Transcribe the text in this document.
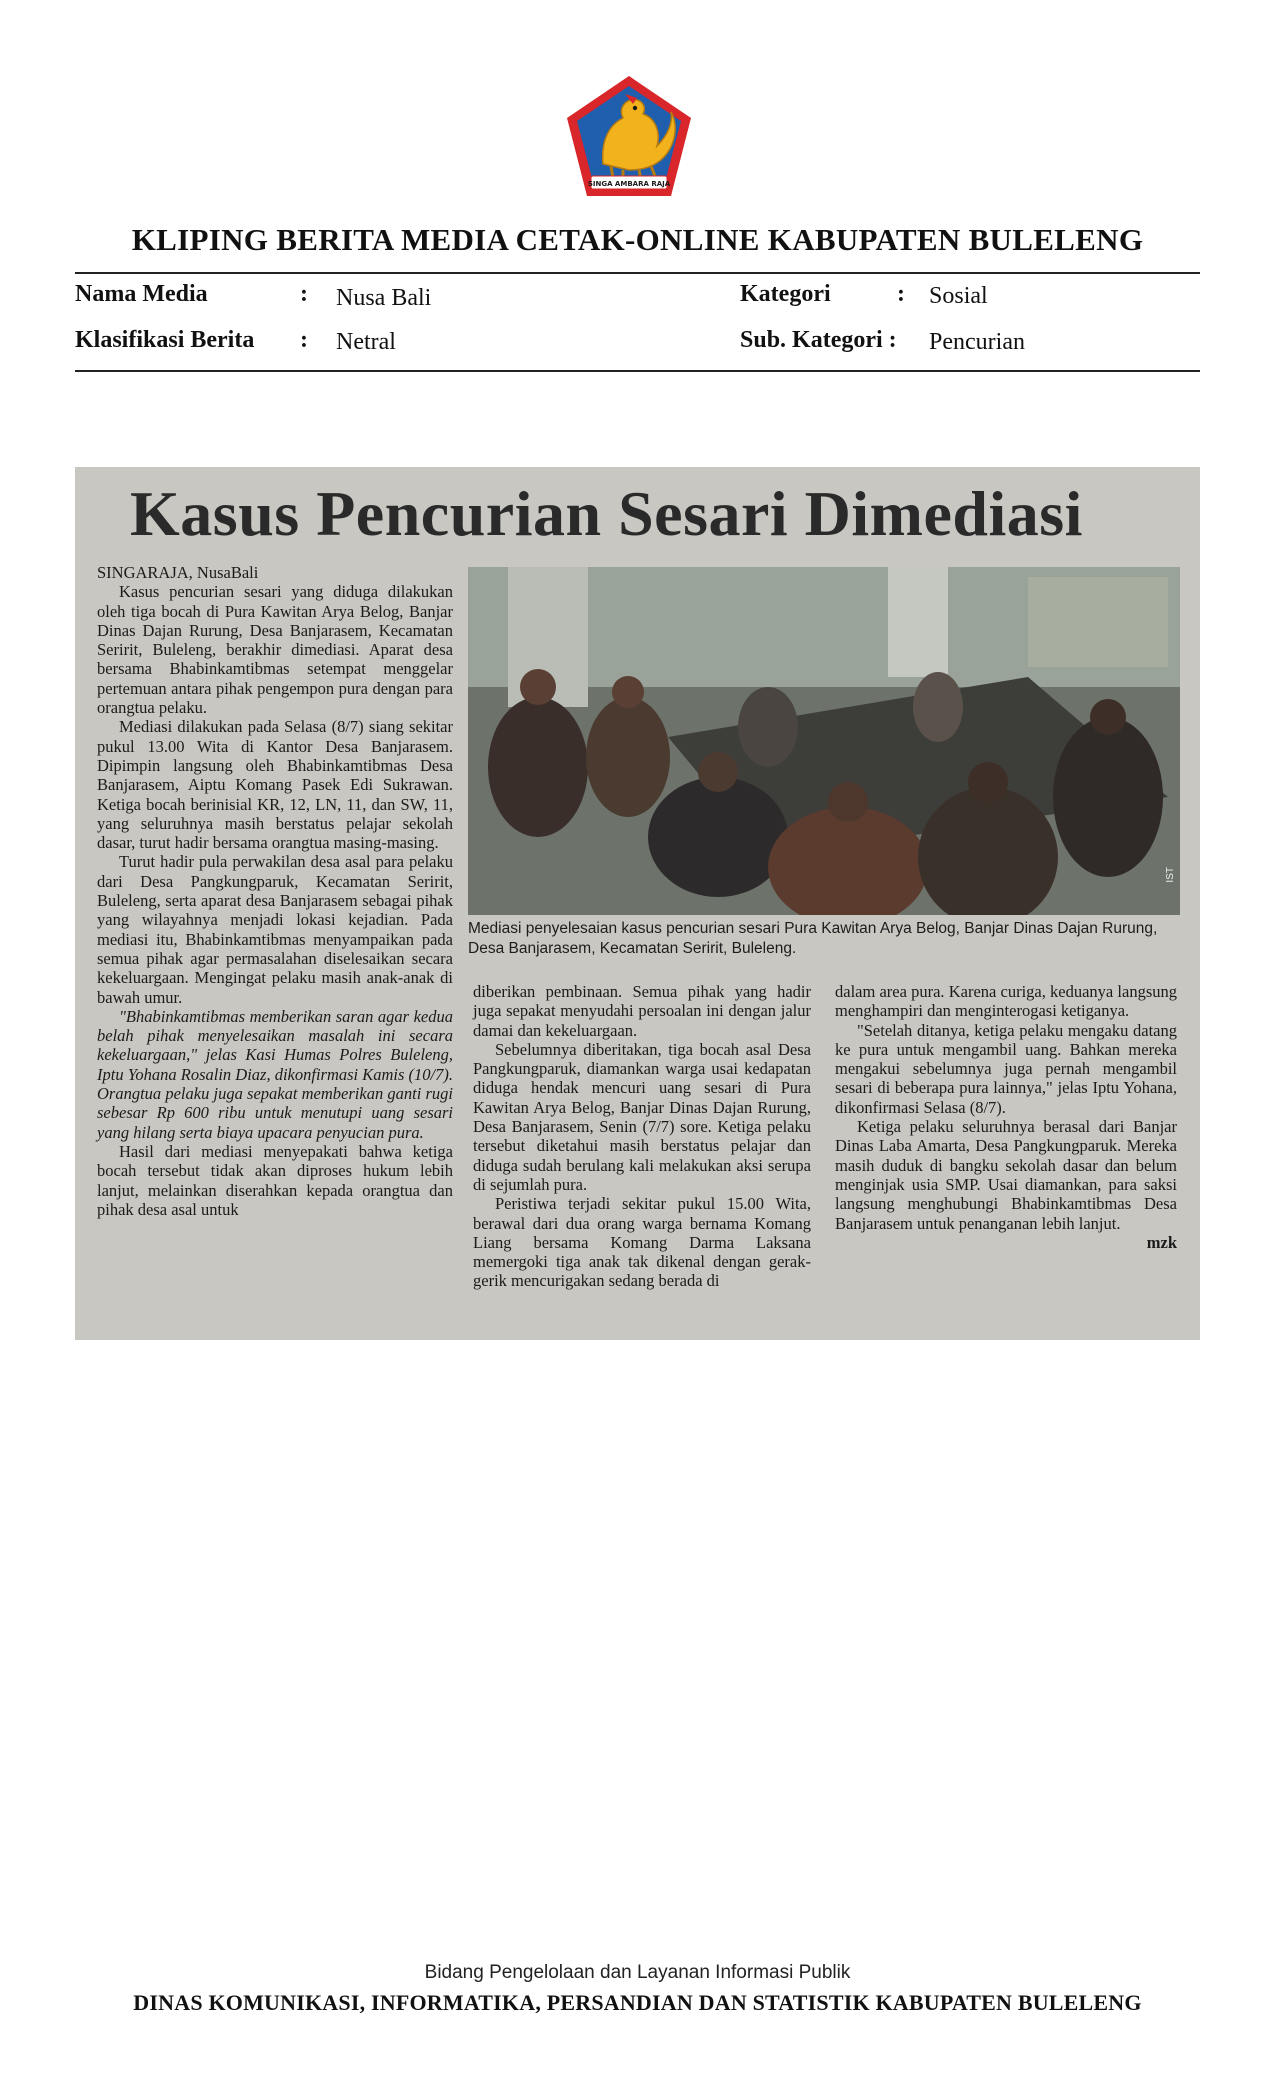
SINGA AMBARA RAJA
KLIPING BERITA MEDIA CETAK-ONLINE KABUPATEN BULELENG
Nama Media	: Nusa Bali	Kategori	: Sosial
Klasifikasi Berita : Netral	Sub. Kategori : Pencurian
Kasus Pencurian Sesari Dimediasi

SINGARAJA, NusaBali

Kasus pencurian sesari yang diduga dilakukan oleh tiga bocah di Pura Kawitan Arya Belog, Banjar Dinas Dajan Rurung, Desa Banjarasem, Kecamatan Seririt, Buleleng, berakhir dimediasi. Aparat desa bersama Bhabinkamtibmas setempat menggelar pertemuan antara pihak pengempon pura dengan para orangtua pelaku.

Mediasi dilakukan pada Selasa (8/7) siang sekitar pukul 13.00 Wita di Kantor Desa Banjarasem. Dipimpin langsung oleh Bhabinkamtibmas Desa Banjarasem, Aiptu Komang Pasek Edi Sukrawan. Ketiga bocah berinisial KR, 12, LN, 11, dan SW, 11, yang seluruhnya masih berstatus pelajar sekolah dasar, turut hadir bersama orangtua masing-masing.

Turut hadir pula perwakilan desa asal para pelaku dari Desa Pangkungparuk, Kecamatan Seririt, Buleleng, serta aparat desa Banjarasem sebagai pihak yang wilayahnya menjadi lokasi kejadian. Pada mediasi itu, Bhabinkamtibmas menyampaikan pada semua pihak agar permasalahan diselesaikan secara kekeluargaan. Mengingat pelaku masih anak-anak di bawah umur.

"Bhabinkamtibmas memberikan saran agar kedua belah pihak menyelesaikan masalah ini secara kekeluargaan," jelas Kasi Humas Polres Buleleng, Iptu Yohana Rosalin Diaz, dikonfirmasi Kamis (10/7). Orangtua pelaku juga sepakat memberikan ganti rugi sebesar Rp 600 ribu untuk menutupi uang sesari yang hilang serta biaya upacara penyucian pura.

Hasil dari mediasi menyepakati bahwa ketiga bocah tersebut tidak akan diproses hukum lebih lanjut, melainkan diserahkan kepada orangtua dan pihak desa asal untuk

IST
Mediasi penyelesaian kasus pencurian sesari Pura Kawitan Arya Belog, Banjar Dinas Dajan Rurung, Desa Banjarasem, Kecamatan Seririt, Buleleng.

diberikan pembinaan. Semua pihak yang hadir juga sepakat menyudahi persoalan ini dengan jalur damai dan kekeluargaan.

Sebelumnya diberitakan, tiga bocah asal Desa Pangkungparuk, diamankan warga usai kedapatan diduga hendak mencuri uang sesari di Pura Kawitan Arya Belog, Banjar Dinas Dajan Rurung, Desa Banjarasem, Senin (7/7) sore. Ketiga pelaku tersebut diketahui masih berstatus pelajar dan diduga sudah berulang kali melakukan aksi serupa di sejumlah pura.

Peristiwa terjadi sekitar pukul 15.00 Wita, berawal dari dua orang warga bernama Komang Liang bersama Komang Darma Laksana memergoki tiga anak tak dikenal dengan gerak-gerik mencurigakan sedang berada di

dalam area pura. Karena curiga, keduanya langsung menghampiri dan menginterogasi ketiganya.

"Setelah ditanya, ketiga pelaku mengaku datang ke pura untuk mengambil uang. Bahkan mereka mengakui sebelumnya juga pernah mengambil sesari di beberapa pura lainnya," jelas Iptu Yohana, dikonfirmasi Selasa (8/7).

Ketiga pelaku seluruhnya berasal dari Banjar Dinas Laba Amarta, Desa Pangkungparuk. Mereka masih duduk di bangku sekolah dasar dan belum menginjak usia SMP. Usai diamankan, para saksi langsung menghubungi Bhabinkamtibmas Desa Banjarasem untuk penanganan lebih lanjut.

mzk

Bidang Pengelolaan dan Layanan Informasi Publik
DINAS KOMUNIKASI, INFORMATIKA, PERSANDIAN DAN STATISTIK KABUPATEN BULELENG
